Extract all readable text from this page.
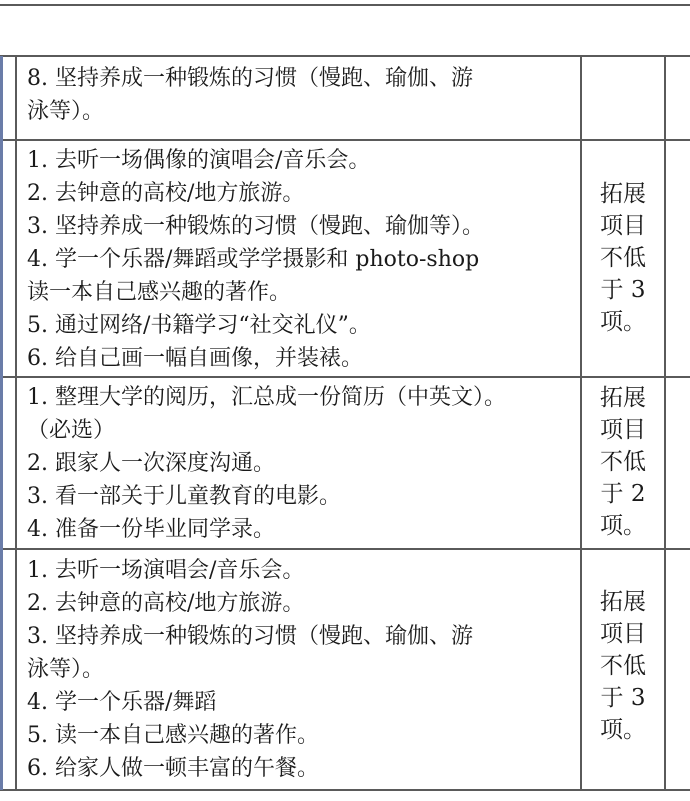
8. 坚持养成一种锻炼的习惯（慢跑、瑜伽、游
泳等）。
1. 去听一场偶像的演唱会/音乐会。
2. 去钟意的高校/地方旅游。
3. 坚持养成一种锻炼的习惯（慢跑、瑜伽等）。
4. 学一个乐器/舞蹈或学学摄影和 photo-shop
读一本自己感兴趣的著作。
5. 通过网络/书籍学习“社交礼仪”。
6. 给自己画一幅自画像，并装裱。
拓展
项目
不低
于 3
项。
1. 整理大学的阅历，汇总成一份简历（中英文）。
（必选）
2. 跟家人一次深度沟通。
3. 看一部关于儿童教育的电影。
4. 准备一份毕业同学录。
拓展
项目
不低
于 2
项。
1. 去听一场演唱会/音乐会。
2. 去钟意的高校/地方旅游。
3. 坚持养成一种锻炼的习惯（慢跑、瑜伽、游
泳等）。
4. 学一个乐器/舞蹈
5. 读一本自己感兴趣的著作。
6. 给家人做一顿丰富的午餐。
拓展
项目
不低
于 3
项。
